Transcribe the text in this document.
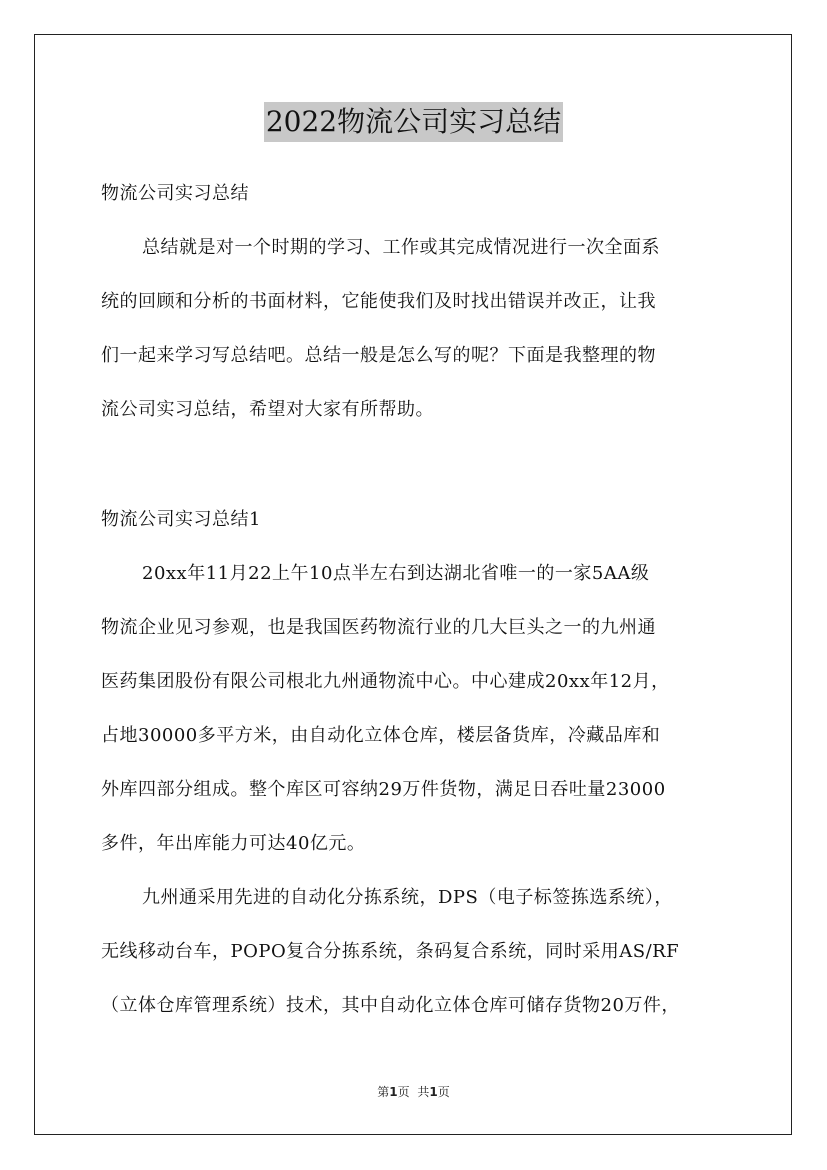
2022物流公司实习总结
物流公司实习总结
总结就是对一个时期的学习、工作或其完成情况进行一次全面系
统的回顾和分析的书面材料，它能使我们及时找出错误并改正，让我
们一起来学习写总结吧。总结一般是怎么写的呢？下面是我整理的物
流公司实习总结，希望对大家有所帮助。
物流公司实习总结1
20xx年11月22上午10点半左右到达湖北省唯一的一家5AA级
物流企业见习参观，也是我国医药物流行业的几大巨头之一的九州通
医药集团股份有限公司根北九州通物流中心。中心建成20xx年12月，
占地30000多平方米，由自动化立体仓库，楼层备货库，冷藏品库和
外库四部分组成。整个库区可容纳29万件货物，满足日吞吐量23000
多件，年出库能力可达40亿元。
九州通采用先进的自动化分拣系统，DPS（电子标签拣选系统），
无线移动台车，POPO复合分拣系统，条码复合系统，同时采用AS/RF
（立体仓库管理系统）技术，其中自动化立体仓库可储存货物20万件，
第1页 共1页
